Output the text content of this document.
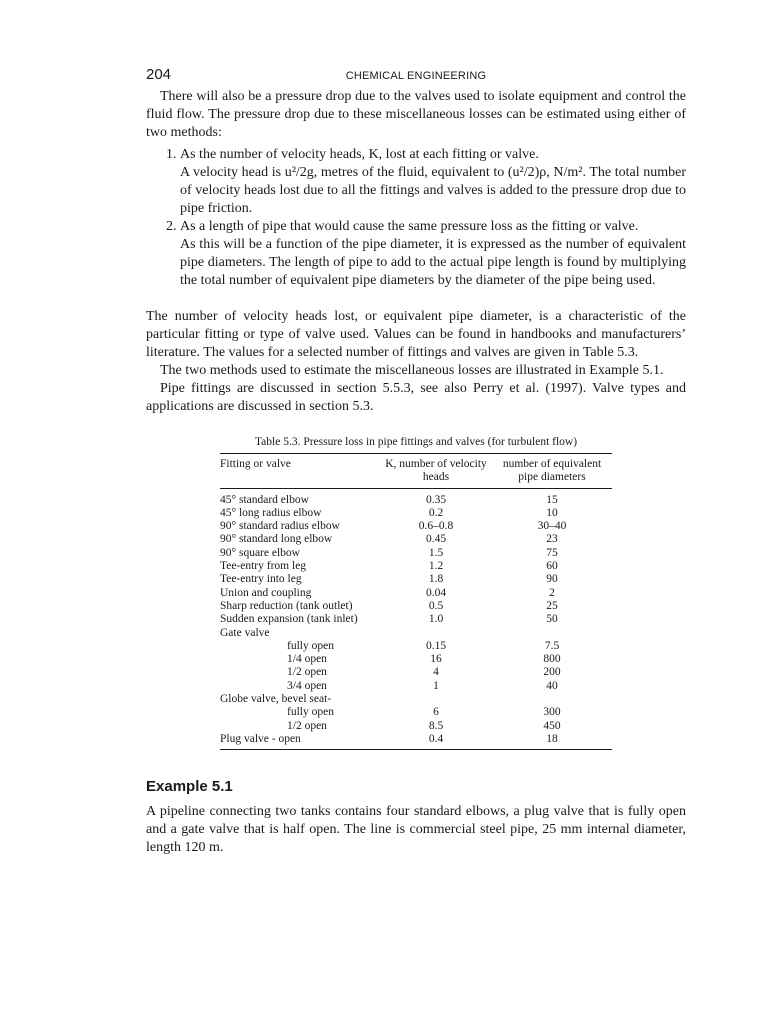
204	CHEMICAL ENGINEERING

There will also be a pressure drop due to the valves used to isolate equipment and control the fluid flow. The pressure drop due to these miscellaneous losses can be estimated using either of two methods:

1. As the number of velocity heads, K, lost at each fitting or valve.
A velocity head is u²/2g, metres of the fluid, equivalent to (u²/2)ρ, N/m². The total number of velocity heads lost due to all the fittings and valves is added to the pressure drop due to pipe friction.
2. As a length of pipe that would cause the same pressure loss as the fitting or valve.
As this will be a function of the pipe diameter, it is expressed as the number of equivalent pipe diameters. The length of pipe to add to the actual pipe length is found by multiplying the total number of equivalent pipe diameters by the diameter of the pipe being used.

The number of velocity heads lost, or equivalent pipe diameter, is a characteristic of the particular fitting or type of valve used. Values can be found in handbooks and manufacturers’ literature. The values for a selected number of fittings and valves are given in Table 5.3.

The two methods used to estimate the miscellaneous losses are illustrated in Example 5.1.

Pipe fittings are discussed in section 5.5.3, see also Perry et al. (1997). Valve types and applications are discussed in section 5.3.

Table 5.3. Pressure loss in pipe fittings and valves (for turbulent flow)
Fitting or valve	K, number of velocity heads	number of equivalent pipe diameters
45° standard elbow	0.35	15
45° long radius elbow	0.2	10
90° standard radius elbow	0.6–0.8	30–40
90° standard long elbow	0.45	23
90° square elbow	1.5	75
Tee-entry from leg	1.2	60
Tee-entry into leg	1.8	90
Union and coupling	0.04	2
Sharp reduction (tank outlet)	0.5	25
Sudden expansion (tank inlet)	1.0	50
Gate valve		
fully open	0.15	7.5
1/4 open	16	800
1/2 open	4	200
3/4 open	1	40
Globe valve, bevel seat-		
fully open	6	300
1/2 open	8.5	450
Plug valve - open	0.4	18
Example 5.1

A pipeline connecting two tanks contains four standard elbows, a plug valve that is fully open and a gate valve that is half open. The line is commercial steel pipe, 25 mm internal diameter, length 120 m.
